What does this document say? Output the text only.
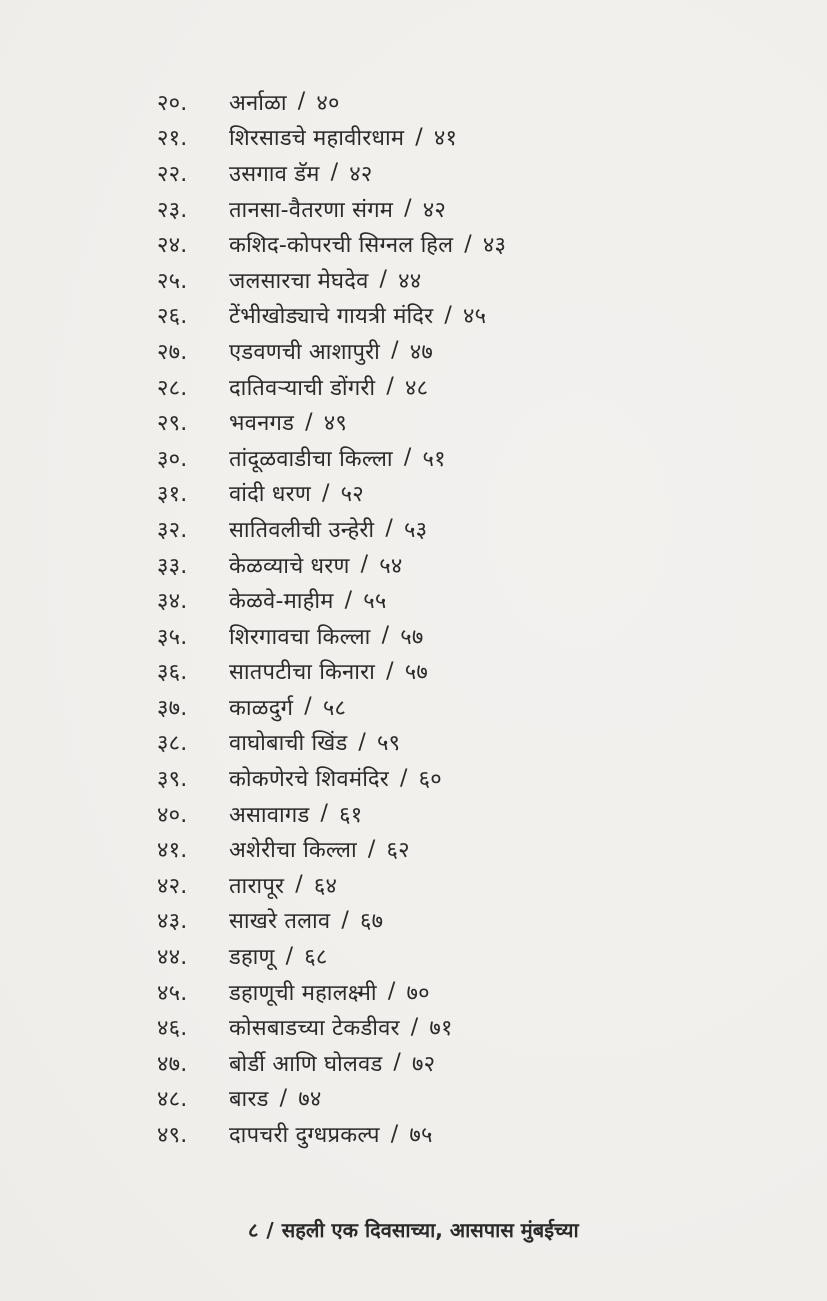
२०.	अर्नाळा / ४०
२१.	शिरसाडचे महावीरधाम / ४१
२२.	उसगाव डॅम / ४२
२३.	तानसा-वैतरणा संगम / ४२
२४.	कशिद-कोपरची सिग्नल हिल / ४३
२५.	जलसारचा मेघदेव / ४४
२६.	टेंभीखोड्याचे गायत्री मंदिर / ४५
२७.	एडवणची आशापुरी / ४७
२८.	दातिवऱ्याची डोंगरी / ४८
२९.	भवनगड / ४९
३०.	तांदूळवाडीचा किल्ला / ५१
३१.	वांदी धरण / ५२
३२.	सातिवलीची उन्हेरी / ५३
३३.	केळव्याचे धरण / ५४
३४.	केळवे-माहीम / ५५
३५.	शिरगावचा किल्ला / ५७
३६.	सातपटीचा किनारा / ५७
३७.	काळदुर्ग / ५८
३८.	वाघोबाची खिंड / ५९
३९.	कोकणेरचे शिवमंदिर / ६०
४०.	असावागड / ६१
४१.	अशेरीचा किल्ला / ६२
४२.	तारापूर / ६४
४३.	साखरे तलाव / ६७
४४.	डहाणू / ६८
४५.	डहाणूची महालक्ष्मी / ७०
४६.	कोसबाडच्या टेकडीवर / ७१
४७.	बोर्डी आणि घोलवड / ७२
४८.	बारड / ७४
४९.	दापचरी दुग्धप्रकल्प / ७५
८ / सहली एक दिवसाच्या, आसपास मुंबईच्या
